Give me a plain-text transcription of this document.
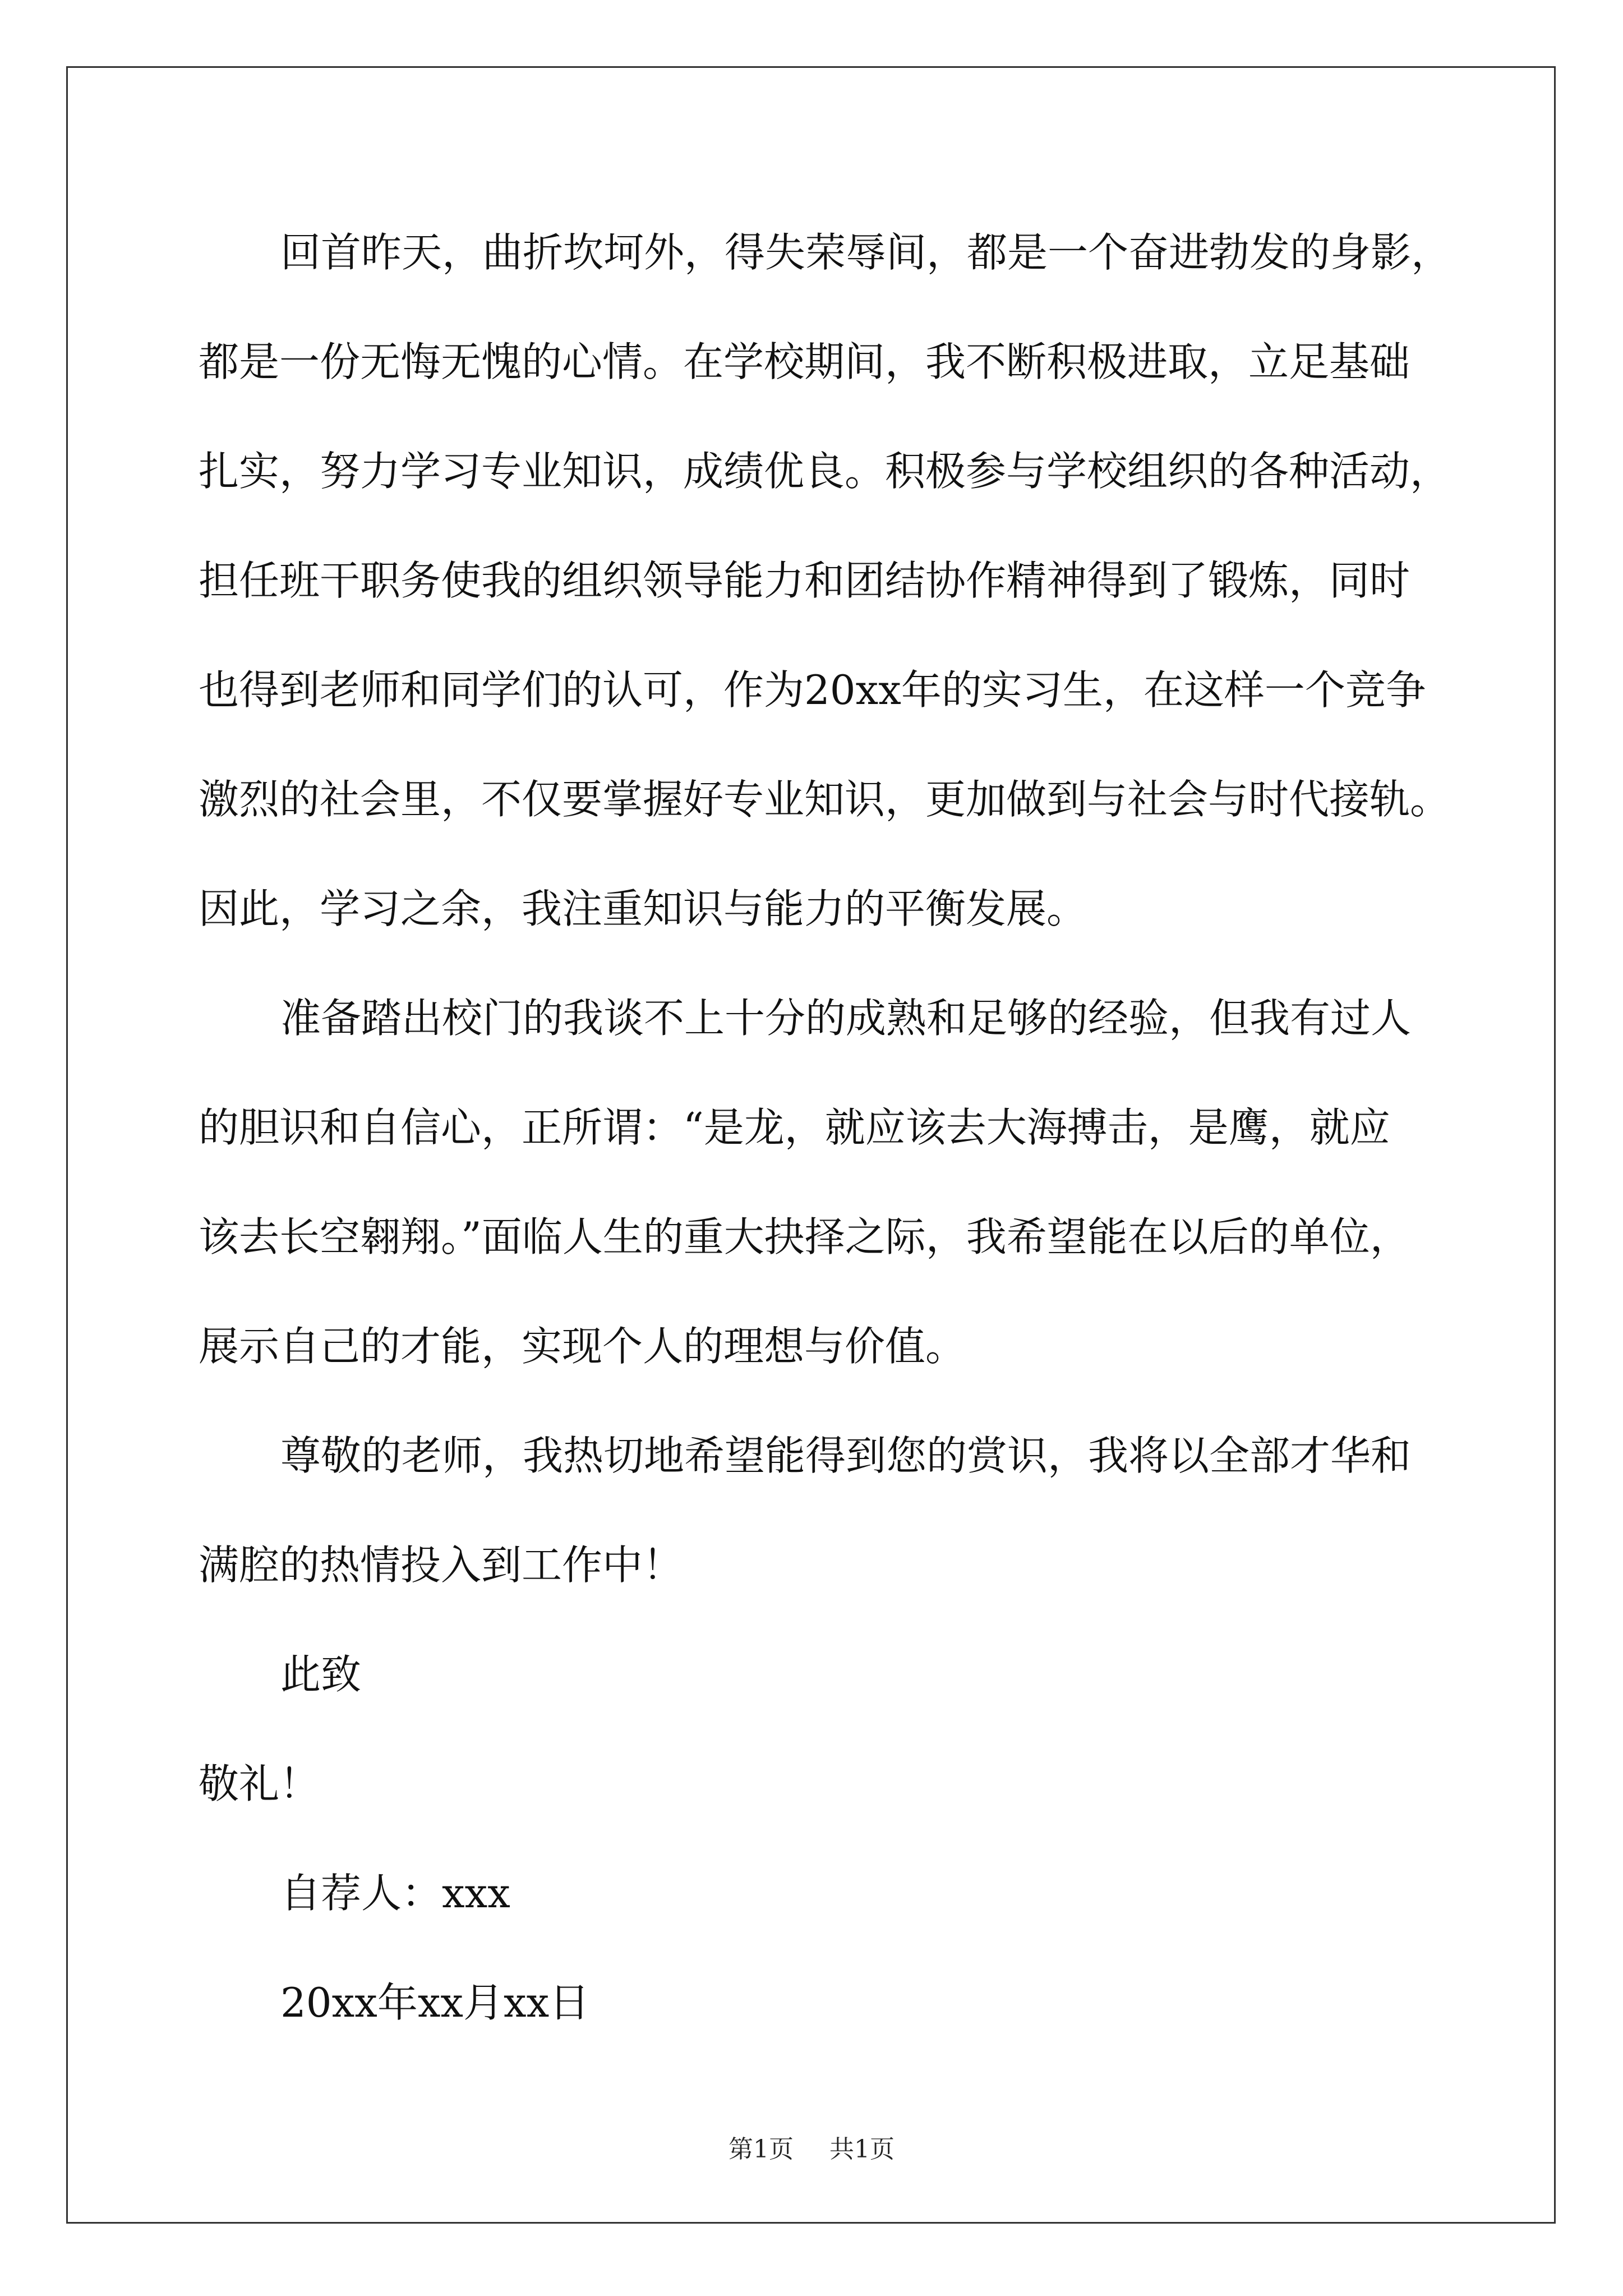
回首昨天，曲折坎坷外，得失荣辱间，都是一个奋进勃发的身影，
都是一份无悔无愧的心情。在学校期间，我不断积极进取，立足基础
扎实，努力学习专业知识，成绩优良。积极参与学校组织的各种活动，
担任班干职务使我的组织领导能力和团结协作精神得到了锻炼，同时
也得到老师和同学们的认可，作为20xx年的实习生，在这样一个竞争
激烈的社会里，不仅要掌握好专业知识，更加做到与社会与时代接轨。
因此，学习之余，我注重知识与能力的平衡发展。
准备踏出校门的我谈不上十分的成熟和足够的经验，但我有过人
的胆识和自信心，正所谓：“是龙，就应该去大海搏击，是鹰，就应
该去长空翱翔。”面临人生的重大抉择之际，我希望能在以后的单位，
展示自己的才能，实现个人的理想与价值。
尊敬的老师，我热切地希望能得到您的赏识，我将以全部才华和
满腔的热情投入到工作中！
此致
敬礼！
自荐人：xxx
20xx年xx月xx日
第1页 共1页
